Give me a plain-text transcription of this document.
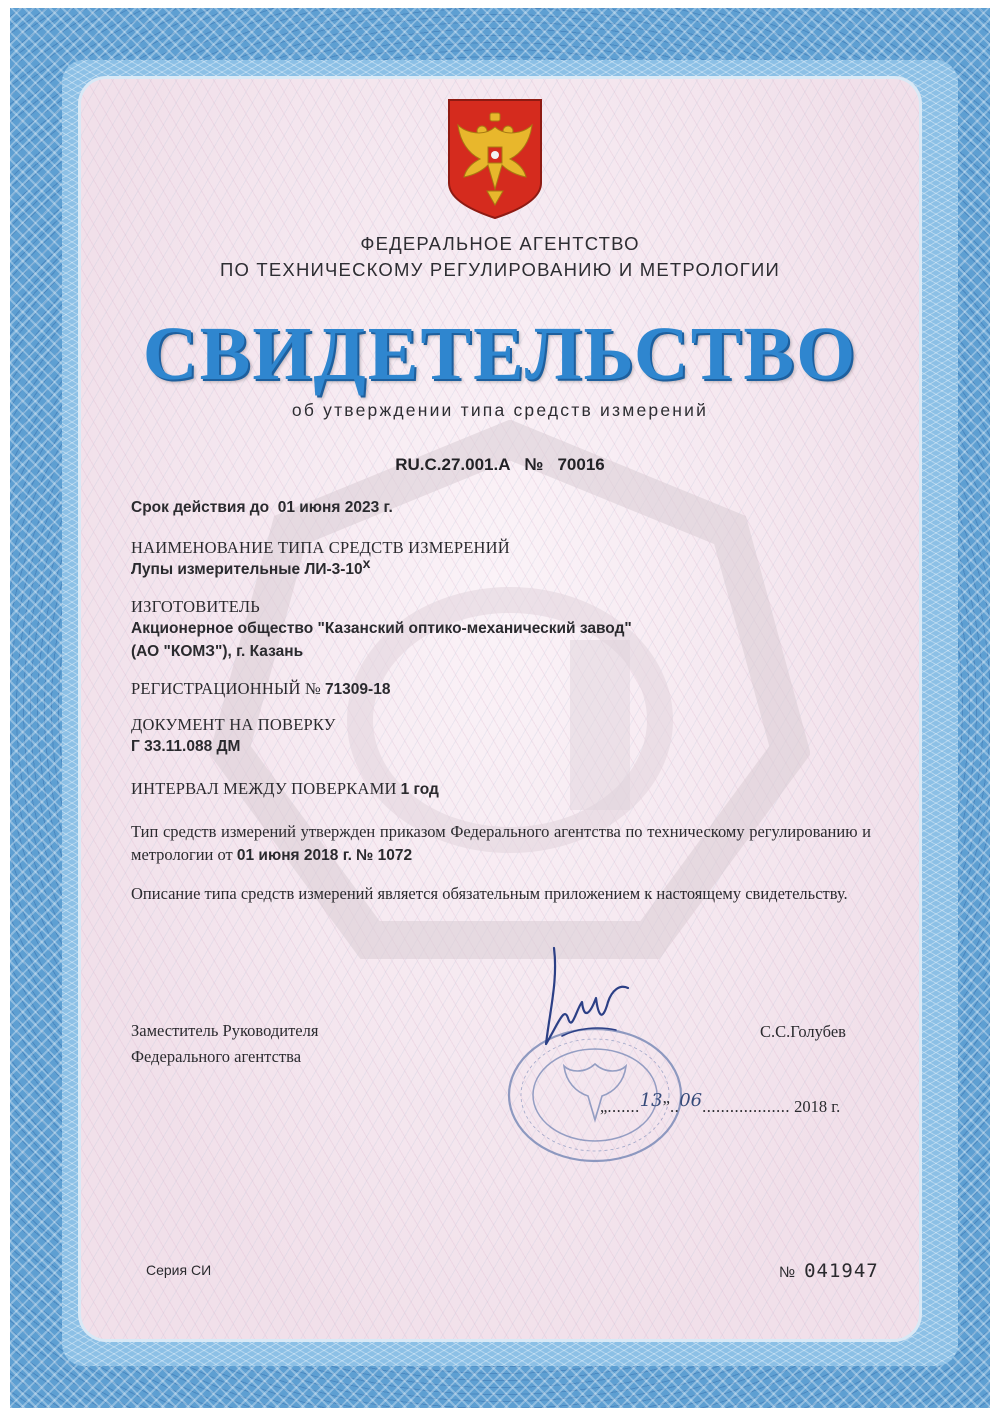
ФЕДЕРАЛЬНОЕ АГЕНТСТВО
ПО ТЕХНИЧЕСКОМУ РЕГУЛИРОВАНИЮ И МЕТРОЛОГИИ
СВИДЕТЕЛЬСТВО
об утверждении типа средств измерений
RU.C.27.001.A № 70016
Срок действия до 01 июня 2023 г.
НАИМЕНОВАНИЕ ТИПА СРЕДСТВ ИЗМЕРЕНИЙ
Лупы измерительные ЛИ-3-10x
ИЗГОТОВИТЕЛЬ
Акционерное общество "Казанский оптико-механический завод"
(АО "КОМЗ"), г. Казань
РЕГИСТРАЦИОННЫЙ № 71309-18
ДОКУМЕНТ НА ПОВЕРКУ
Г 33.11.088 ДМ
ИНТЕРВАЛ МЕЖДУ ПОВЕРКАМИ 1 год
Тип средств измерений утвержден приказом Федерального агентства по техническому регулированию и метрологии от 01 июня 2018 г. № 1072
Описание типа средств измерений является обязательным приложением к настоящему свидетельству.
Заместитель Руководителя
Федерального агентства
С.С.Голубев
„.......13”..06................... 2018 г.
Серия СИ	№ 041947
